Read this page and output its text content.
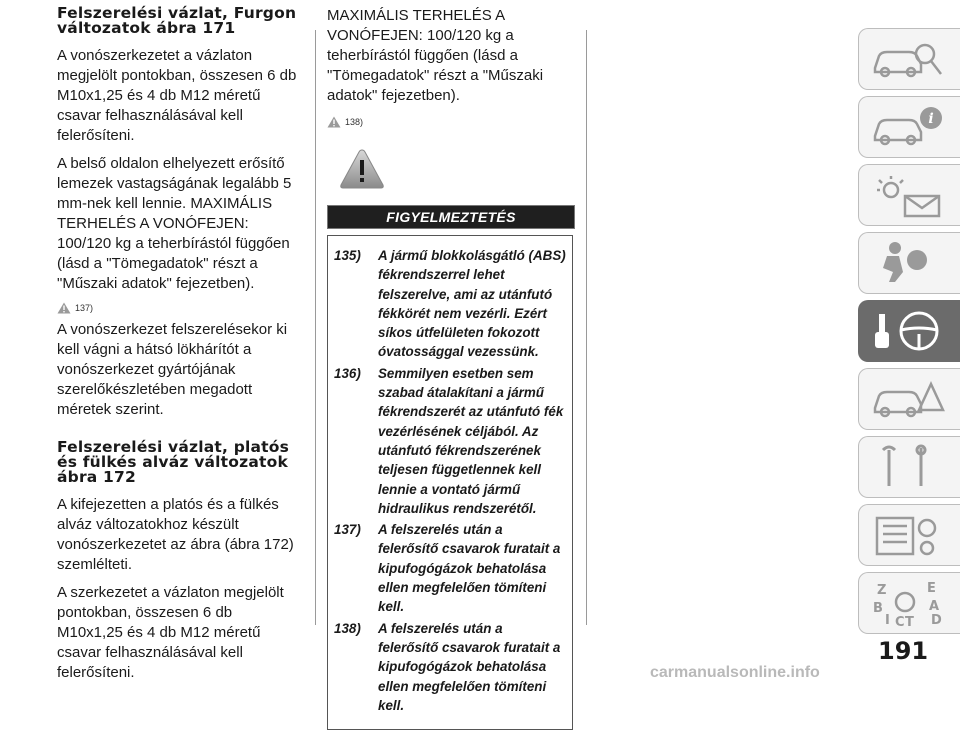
Felszerelési vázlat, Furgon változatok ábra 171

A vonószerkezetet a vázlaton megjelölt pontokban, összesen 6 db M10x1,25 és 4 db M12 méretű csavar felhasználásával kell felerősíteni.

A belső oldalon elhelyezett erősítő lemezek vastagságának legalább 5 mm-nek kell lennie. MAXIMÁLIS TERHELÉS A VONÓFEJEN: 100/120 kg a teherbírástól függően (lásd a "Tömegadatok" részt a "Műszaki adatok" fejezetben).

137)

A vonószerkezet felszerelésekor ki kell vágni a hátsó lökhárítót a vonószerkezet gyártójának szerelőkészletében megadott méretek szerint.

Felszerelési vázlat, platós és fülkés alváz változatok ábra 172

A kifejezetten a platós és a fülkés alváz változatokhoz készült vonószerkezetet az ábra (ábra 172) szemlélteti.

A szerkezetet a vázlaton megjelölt pontokban, összesen 6 db M10x1,25 és 4 db M12 méretű csavar felhasználásával kell felerősíteni.

MAXIMÁLIS TERHELÉS A VONÓFEJEN: 100/120 kg a teherbírástól függően (lásd a "Tömegadatok" részt a "Műszaki adatok" fejezetben).

138)
FIGYELMEZTETÉS
135)	A jármű blokkolásgátló (ABS) fékrendszerrel lehet felszerelve, ami az utánfutó fékkörét nem vezérli. Ezért síkos útfelületen fokozott óvatossággal vezessünk.
136)	Semmilyen esetben sem szabad átalakítani a jármű fékrendszerét az utánfutó fék vezérlésének céljából. Az utánfutó fékrendszerének teljesen függetlennek kell lennie a vontató jármű hidraulikus rendszerétől.
137)	A felszerelés után a felerősítő csavarok furatait a kipufogógázok behatolása ellen megfelelően tömíteni kell.
138)	A felszerelés után a felerősítő csavarok furatait a kipufogógázok behatolása ellen megfelelően tömíteni kell.
i
Z	E
B	A
I C T D
191
carmanualsonline.info
